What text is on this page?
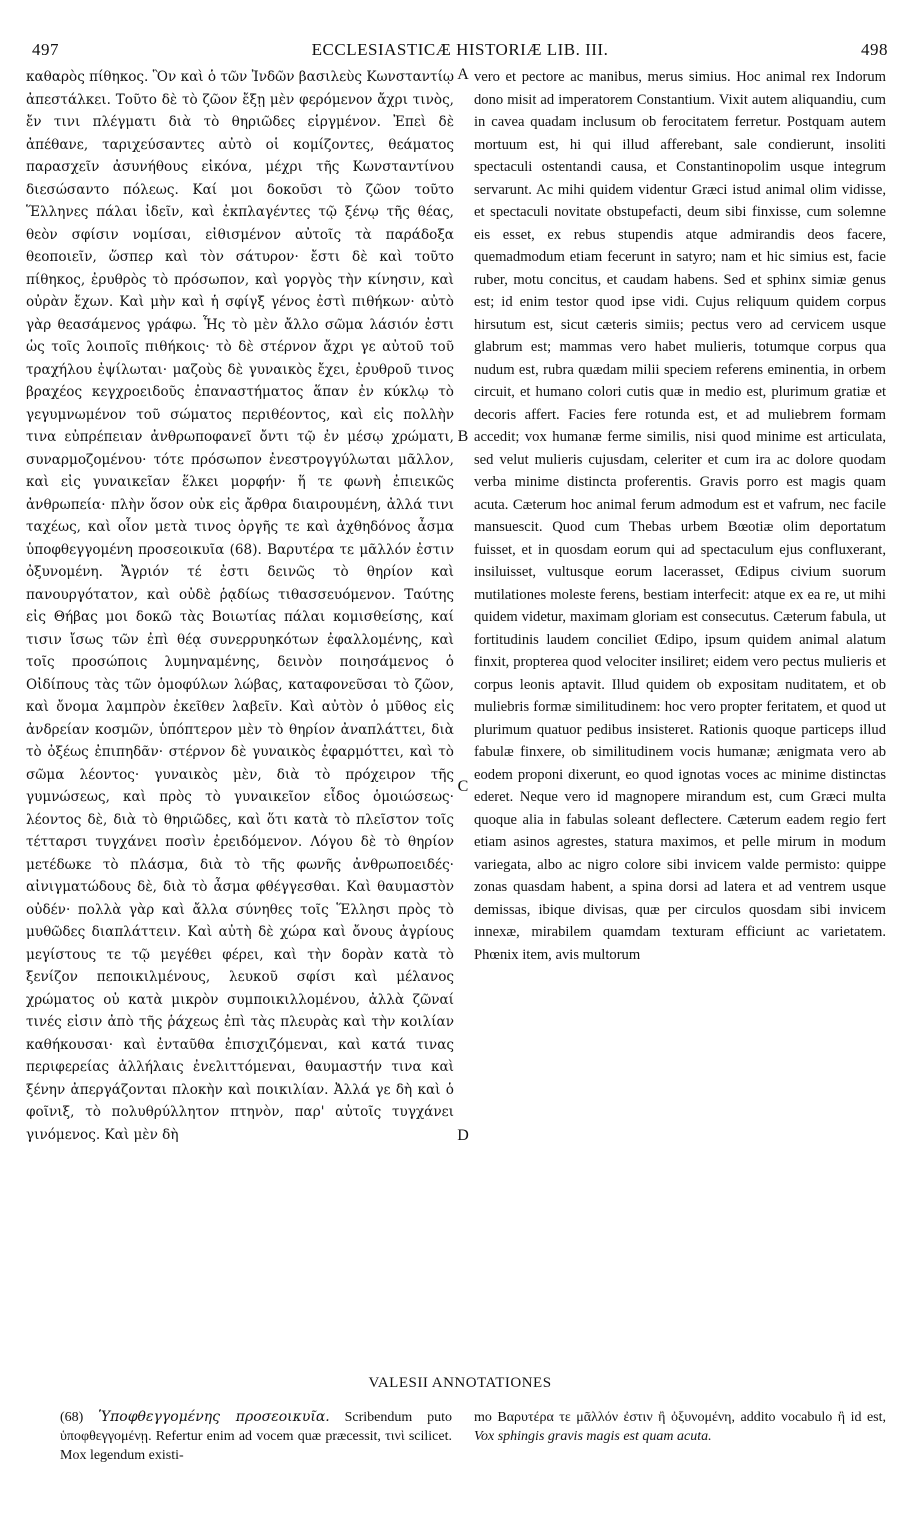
497	ECCLESIASTICÆ HISTORIÆ LIB. III.	498

καθαρὸς πίθηκος. Ὃν καὶ ὁ τῶν Ἰνδῶν βασιλεὺς Κωνσταντίῳ ἀπεστάλκει. Τοῦτο δὲ τὸ ζῶον ἔξῃ μὲν φερόμενον ἄχρι τινὸς, ἔν τινι πλέγματι διὰ τὸ θηριῶδες εἱργμένον. Ἐπεὶ δὲ ἀπέθανε, ταριχεύσαντες αὐτὸ οἱ κομίζοντες, θεάματος παρασχεῖν ἀσυνήθους εἰκόνα, μέχρι τῆς Κωνσταντίνου διεσώσαντο πόλεως. Καί μοι δοκοῦσι τὸ ζῶον τοῦτο Ἕλληνες πάλαι ἰδεῖν, καὶ ἐκπλαγέντες τῷ ξένῳ τῆς θέας, θεὸν σφίσιν νομίσαι, εἰθισμένον αὐτοῖς τὰ παράδοξα θεοποιεῖν, ὥσπερ καὶ τὸν σάτυρον· ἔστι δὲ καὶ τοῦτο πίθηκος, ἐρυθρὸς τὸ πρόσωπον, καὶ γοργὸς τὴν κίνησιν, καὶ οὐρὰν ἔχων. Καὶ μὴν καὶ ἡ σφίγξ γένος ἐστὶ πιθήκων· αὐτὸ γὰρ θεασάμενος γράφω. Ἧς τὸ μὲν ἄλλο σῶμα λάσιόν ἐστι ὡς τοῖς λοιποῖς πιθήκοις· τὸ δὲ στέρνον ἄχρι γε αὐτοῦ τοῦ τραχήλου ἐψίλωται· μαζοὺς δὲ γυναικὸς ἔχει, ἐρυθροῦ τινος βραχέος κεγχροειδοῦς ἐπαναστήματος ἅπαν ἐν κύκλῳ τὸ γεγυμνωμένον τοῦ σώματος περιθέοντος, καὶ εἰς πολλὴν τινα εὐπρέπειαν ἀνθρωποφανεῖ ὄντι τῷ ἐν μέσῳ χρώματι, συναρμοζομένου· τότε πρόσωπον ἐνεστρογγύλωται μᾶλλον, καὶ εἰς γυναικεῖαν ἕλκει μορφήν· ἥ τε φωνὴ ἐπιεικῶς ἀνθρωπεία· πλὴν ὅσον οὐκ εἰς ἄρθρα διαιρουμένη, ἀλλά τινι ταχέως, καὶ οἷον μετὰ τινος ὀργῆς τε καὶ ἀχθηδόνος ἆσμα ὑποφθεγγομένη προσεοικυῖα (68). Βαρυτέρα τε μᾶλλόν ἐστιν ὀξυνομένη. Ἄγριόν τέ ἐστι δεινῶς τὸ θηρίον καὶ πανουργότατον, καὶ οὐδὲ ῥᾳδίως τιθασσευόμενον. Ταύτης εἰς Θήβας μοι δοκῶ τὰς Βοιωτίας πάλαι κομισθείσης, καί τισιν ἴσως τῶν ἐπὶ θέᾳ συνερρυηκότων ἐφαλλομένης, καὶ τοῖς προσώποις λυμηναμένης, δεινὸν ποιησάμενος ὁ Οἰδίπους τὰς τῶν ὁμοφύλων λώβας, καταφονεῦσαι τὸ ζῶον, καὶ ὄνομα λαμπρὸν ἐκεῖθεν λαβεῖν. Καὶ αὐτὸν ὁ μῦθος εἰς ἀνδρείαν κοσμῶν, ὑπόπτερον μὲν τὸ θηρίον ἀναπλάττει, διὰ τὸ ὀξέως ἐπιπηδᾶν· στέρνον δὲ γυναικὸς ἐφαρμόττει, καὶ τὸ σῶμα λέοντος· γυναικὸς μὲν, διὰ τὸ πρόχειρον τῆς γυμνώσεως, καὶ πρὸς τὸ γυναικεῖον εἶδος ὁμοιώσεως· λέοντος δὲ, διὰ τὸ θηριῶδες, καὶ ὅτι κατὰ τὸ πλεῖστον τοῖς τέτταρσι τυγχάνει ποσὶν ἐρειδόμενον. Λόγου δὲ τὸ θηρίον μετέδωκε τὸ πλάσμα, διὰ τὸ τῆς φωνῆς ἀνθρωποειδές· αἰνιγματώδους δὲ, διὰ τὸ ἆσμα φθέγγεσθαι. Καὶ θαυμαστὸν οὐδέν· πολλὰ γὰρ καὶ ἄλλα σύνηθες τοῖς Ἕλλησι πρὸς τὸ μυθῶδες διαπλάττειν. Καὶ αὐτὴ δὲ χώρα καὶ ὄνους ἀγρίους μεγίστους τε τῷ μεγέθει φέρει, καὶ τὴν δορὰν κατὰ τὸ ξενίζον πεποικιλμένους, λευκοῦ σφίσι καὶ μέλανος χρώματος οὐ κατὰ μικρὸν συμποικιλλομένου, ἀλλὰ ζῶναί τινές εἰσιν ἀπὸ τῆς ῥάχεως ἐπὶ τὰς πλευρὰς καὶ τὴν κοιλίαν καθήκουσαι· καὶ ἐνταῦθα ἐπισχιζόμεναι, καὶ κατά τινας περιφερείας ἀλλήλαις ἐνελιττόμεναι, θαυμαστήν τινα καὶ ξένην ἀπεργάζονται πλοκὴν καὶ ποικιλίαν. Ἀλλά γε δὴ καὶ ὁ φοῖνιξ, τὸ πολυθρύλλητον πτηνὸν, παρ' αὐτοῖς τυγχάνει γινόμενος. Καὶ μὲν δὴ

A
B
C
D

vero et pectore ac manibus, merus simius. Hoc animal rex Indorum dono misit ad imperatorem Constantium. Vixit autem aliquandiu, cum in cavea quadam inclusum ob ferocitatem ferretur. Postquam autem mortuum est, hi qui illud afferebant, sale condierunt, insoliti spectaculi ostentandi causa, et Constantinopolim usque integrum servarunt. Ac mihi quidem videntur Græci istud animal olim vidisse, et spectaculi novitate obstupefacti, deum sibi finxisse, cum solemne eis esset, ex rebus stupendis atque admirandis deos facere, quemadmodum etiam fecerunt in satyro; nam et hic simius est, facie ruber, motu concitus, et caudam habens. Sed et sphinx simiæ genus est; id enim testor quod ipse vidi. Cujus reliquum quidem corpus hirsutum est, sicut cæteris simiis; pectus vero ad cervicem usque glabrum est; mammas vero habet mulieris, totumque corpus qua nudum est, rubra quædam milii speciem referens eminentia, in orbem circuit, et humano colori cutis quæ in medio est, plurimum gratiæ et decoris affert. Facies fere rotunda est, et ad muliebrem formam accedit; vox humanæ ferme similis, nisi quod minime est articulata, sed velut mulieris cujusdam, celeriter et cum ira ac dolore quodam verba minime distincta proferentis. Gravis porro est magis quam acuta. Cæterum hoc animal ferum admodum est et vafrum, nec facile mansuescit. Quod cum Thebas urbem Bœotiæ olim deportatum fuisset, et in quosdam eorum qui ad spectaculum ejus confluxerant, insiluisset, vultusque eorum lacerasset, Œdipus civium suorum mutilationes moleste ferens, bestiam interfecit: atque ex ea re, ut mihi quidem videtur, maximam gloriam est consecutus. Cæterum fabula, ut fortitudinis laudem conciliet Œdipo, ipsum quidem animal alatum finxit, propterea quod velociter insiliret; eidem vero pectus mulieris et corpus leonis aptavit. Illud quidem ob expositam nuditatem, et ob muliebris formæ similitudinem: hoc vero propter feritatem, et quod ut plurimum quatuor pedibus insisteret. Rationis quoque particeps illud fabulæ finxere, ob similitudinem vocis humanæ; ænigmata vero ab eodem proponi dixerunt, eo quod ignotas voces ac minime distinctas ederet. Neque vero id magnopere mirandum est, cum Græci multa quoque alia in fabulas soleant deflectere. Cæterum eadem regio fert etiam asinos agrestes, statura maximos, et pelle mirum in modum variegata, albo ac nigro colore sibi invicem valde permisto: quippe zonas quasdam habent, a spina dorsi ad latera et ad ventrem usque demissas, ibique divisas, quæ per circulos quosdam sibi invicem innexæ, mirabilem quamdam texturam efficiunt ac varietatem. Phœnix item, avis multorum

VALESII ANNOTATIONES

(68) Ὑποφθεγγομένης προσεοικυῖα. Scribendum puto ὑποφθεγγομένῃ. Refertur enim ad vocem quæ præcessit, τινὶ scilicet. Mox legendum existi-

mo Βαρυτέρα τε μᾶλλόν ἐστιν ἢ ὀξυνομένη, addito vocabulo ἢ id est, Vox sphingis gravis magis est quam acuta.
